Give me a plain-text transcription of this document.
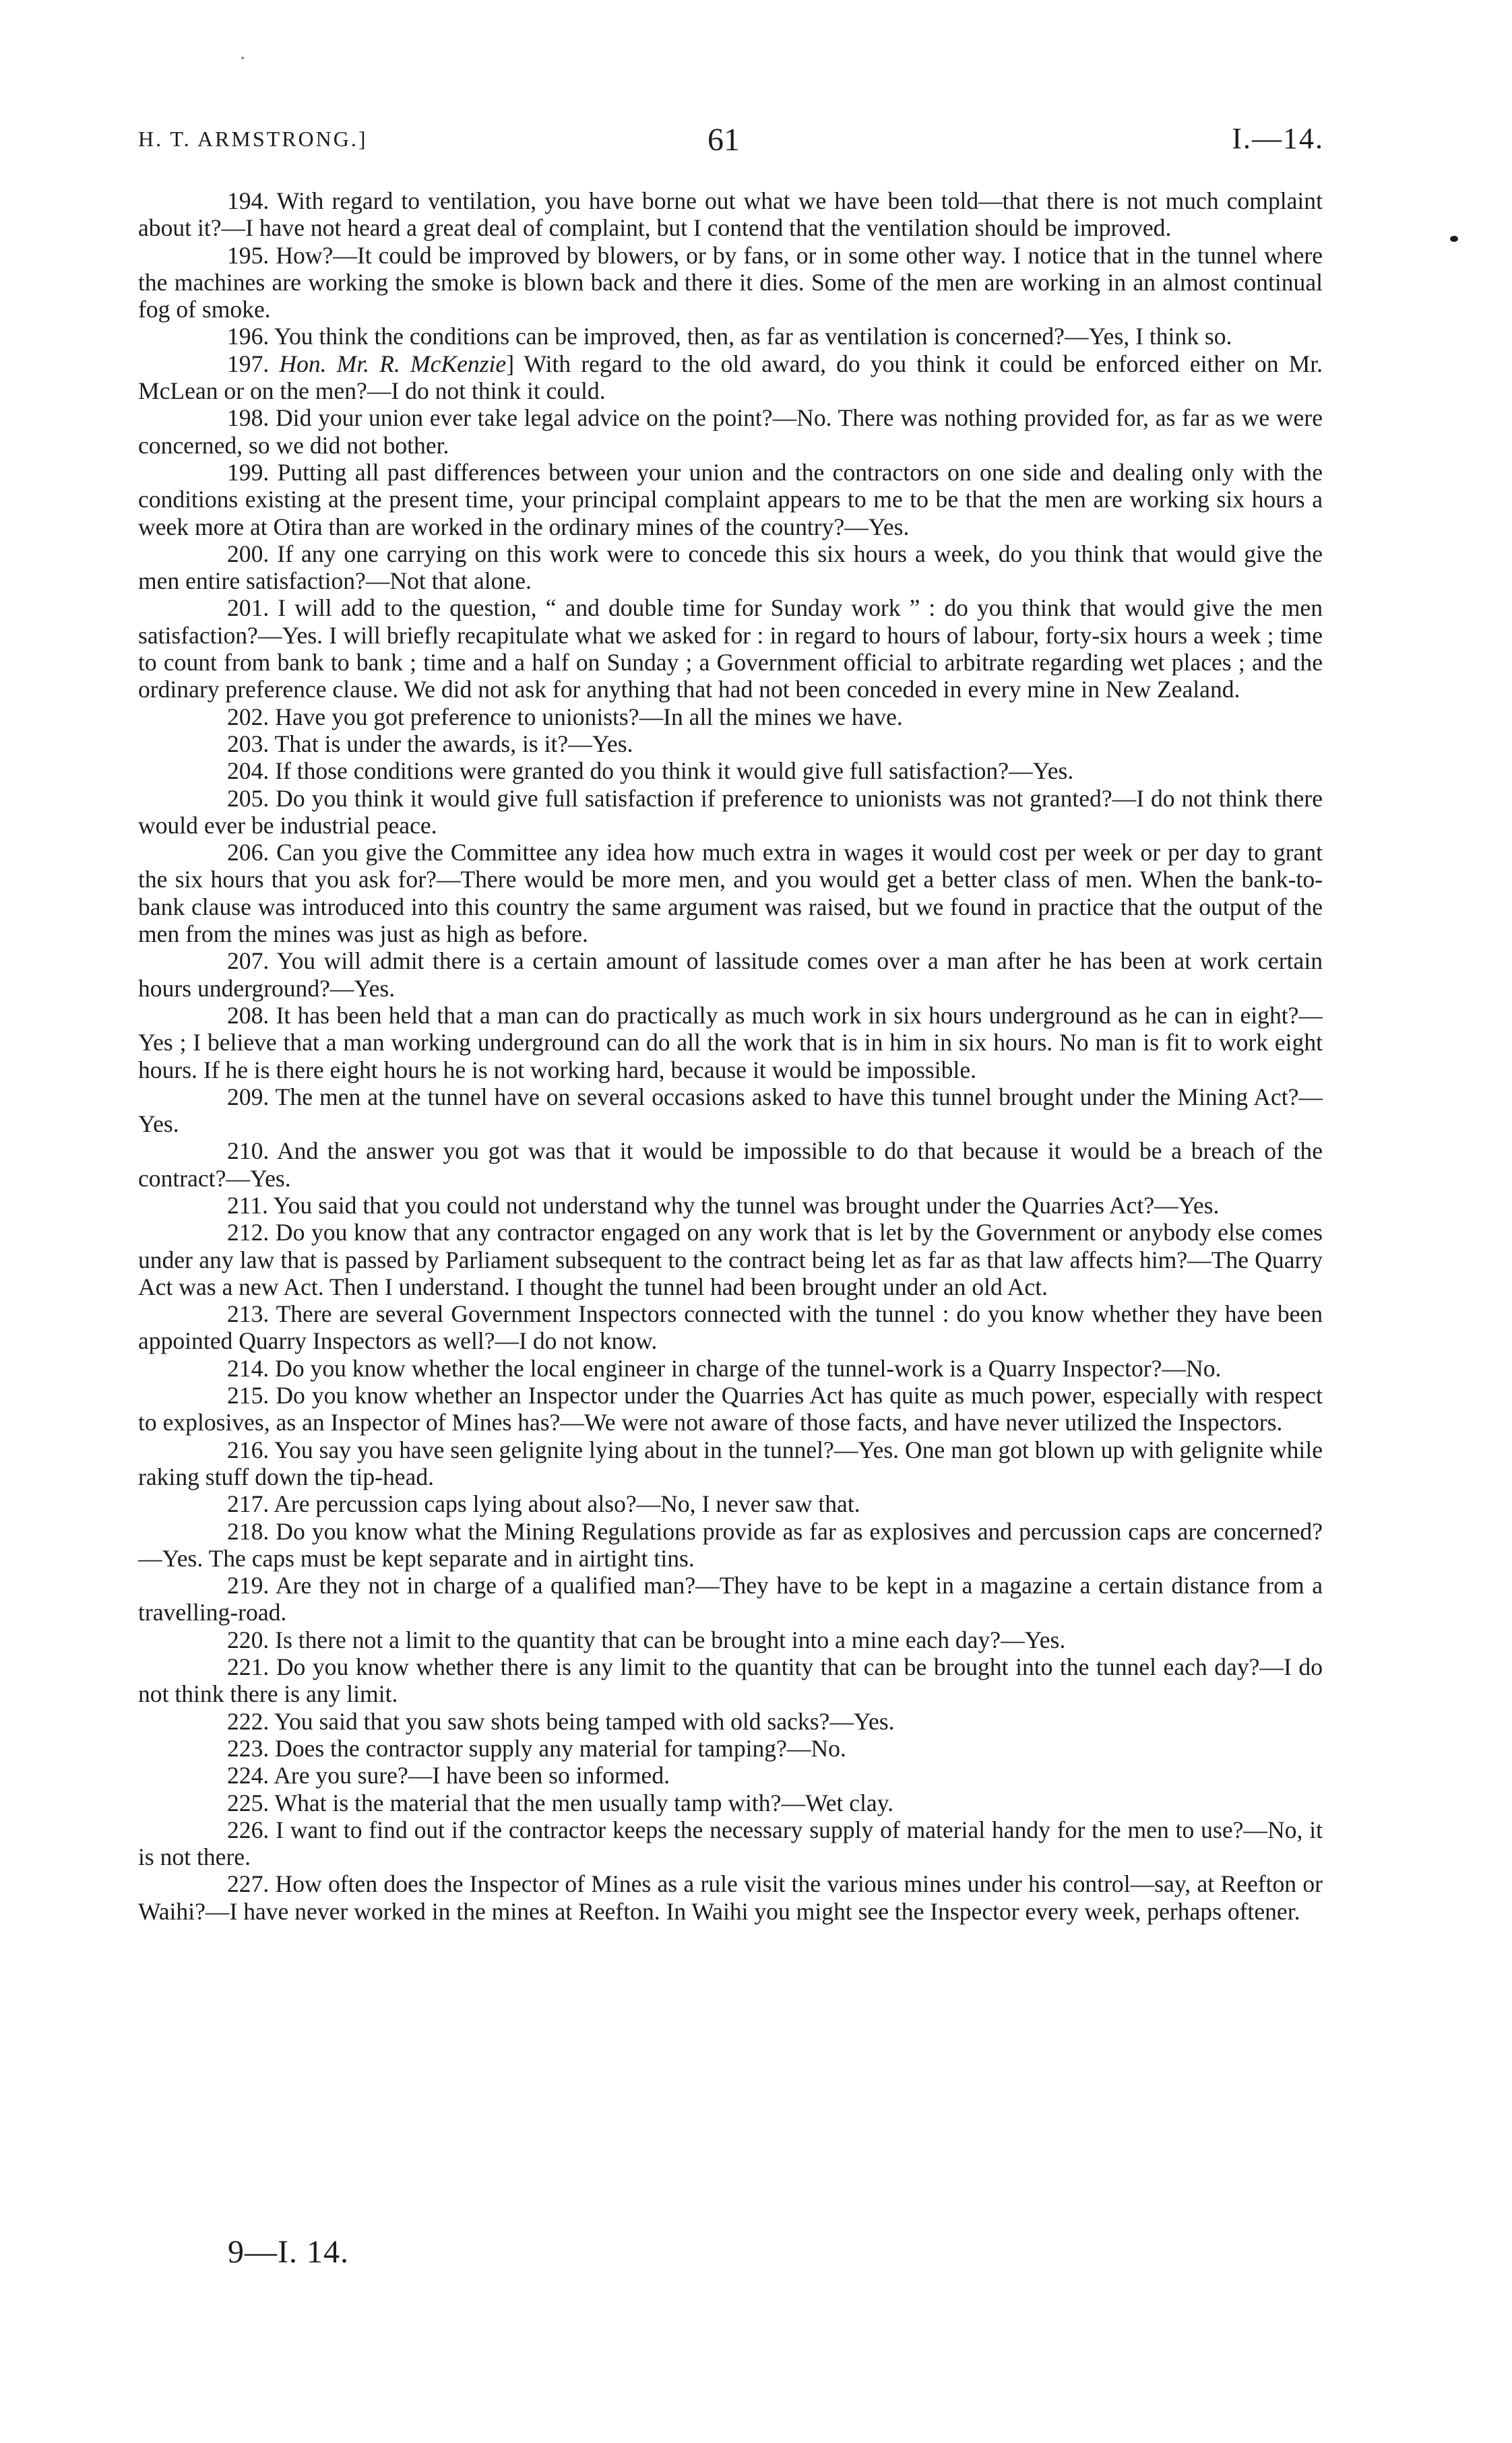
H. T. ARMSTRONG.]	61	I.—14.

194. With regard to ventilation, you have borne out what we have been told—that there is not much complaint about it?—I have not heard a great deal of complaint, but I contend that the ventilation should be improved.

195. How?—It could be improved by blowers, or by fans, or in some other way. I notice that in the tunnel where the machines are working the smoke is blown back and there it dies. Some of the men are working in an almost continual fog of smoke.

196. You think the conditions can be improved, then, as far as ventilation is concerned?—Yes, I think so.

197. Hon. Mr. R. McKenzie] With regard to the old award, do you think it could be enforced either on Mr. McLean or on the men?—I do not think it could.

198. Did your union ever take legal advice on the point?—No. There was nothing provided for, as far as we were concerned, so we did not bother.

199. Putting all past differences between your union and the contractors on one side and dealing only with the conditions existing at the present time, your principal complaint appears to me to be that the men are working six hours a week more at Otira than are worked in the ordinary mines of the country?—Yes.

200. If any one carrying on this work were to concede this six hours a week, do you think that would give the men entire satisfaction?—Not that alone.

201. I will add to the question, “ and double time for Sunday work ” : do you think that would give the men satisfaction?—Yes. I will briefly recapitulate what we asked for : in regard to hours of labour, forty-six hours a week ; time to count from bank to bank ; time and a half on Sunday ; a Government official to arbitrate regarding wet places ; and the ordinary preference clause. We did not ask for anything that had not been conceded in every mine in New Zealand.

202. Have you got preference to unionists?—In all the mines we have.

203. That is under the awards, is it?—Yes.

204. If those conditions were granted do you think it would give full satisfaction?—Yes.

205. Do you think it would give full satisfaction if preference to unionists was not granted?—I do not think there would ever be industrial peace.

206. Can you give the Committee any idea how much extra in wages it would cost per week or per day to grant the six hours that you ask for?—There would be more men, and you would get a better class of men. When the bank-to-bank clause was introduced into this country the same argument was raised, but we found in practice that the output of the men from the mines was just as high as before.

207. You will admit there is a certain amount of lassitude comes over a man after he has been at work certain hours underground?—Yes.

208. It has been held that a man can do practically as much work in six hours underground as he can in eight?—Yes ; I believe that a man working underground can do all the work that is in him in six hours. No man is fit to work eight hours. If he is there eight hours he is not working hard, because it would be impossible.

209. The men at the tunnel have on several occasions asked to have this tunnel brought under the Mining Act?—Yes.

210. And the answer you got was that it would be impossible to do that because it would be a breach of the contract?—Yes.

211. You said that you could not understand why the tunnel was brought under the Quarries Act?—Yes.

212. Do you know that any contractor engaged on any work that is let by the Government or anybody else comes under any law that is passed by Parliament subsequent to the contract being let as far as that law affects him?—The Quarry Act was a new Act. Then I understand. I thought the tunnel had been brought under an old Act.

213. There are several Government Inspectors connected with the tunnel : do you know whether they have been appointed Quarry Inspectors as well?—I do not know.

214. Do you know whether the local engineer in charge of the tunnel-work is a Quarry Inspector?—No.

215. Do you know whether an Inspector under the Quarries Act has quite as much power, especially with respect to explosives, as an Inspector of Mines has?—We were not aware of those facts, and have never utilized the Inspectors.

216. You say you have seen gelignite lying about in the tunnel?—Yes. One man got blown up with gelignite while raking stuff down the tip-head.

217. Are percussion caps lying about also?—No, I never saw that.

218. Do you know what the Mining Regulations provide as far as explosives and percussion caps are concerned?—Yes. The caps must be kept separate and in airtight tins.

219. Are they not in charge of a qualified man?—They have to be kept in a magazine a certain distance from a travelling-road.

220. Is there not a limit to the quantity that can be brought into a mine each day?—Yes.

221. Do you know whether there is any limit to the quantity that can be brought into the tunnel each day?—I do not think there is any limit.

222. You said that you saw shots being tamped with old sacks?—Yes.

223. Does the contractor supply any material for tamping?—No.

224. Are you sure?—I have been so informed.

225. What is the material that the men usually tamp with?—Wet clay.

226. I want to find out if the contractor keeps the necessary supply of material handy for the men to use?—No, it is not there.

227. How often does the Inspector of Mines as a rule visit the various mines under his control—say, at Reefton or Waihi?—I have never worked in the mines at Reefton. In Waihi you might see the Inspector every week, perhaps oftener.

9—I. 14.
